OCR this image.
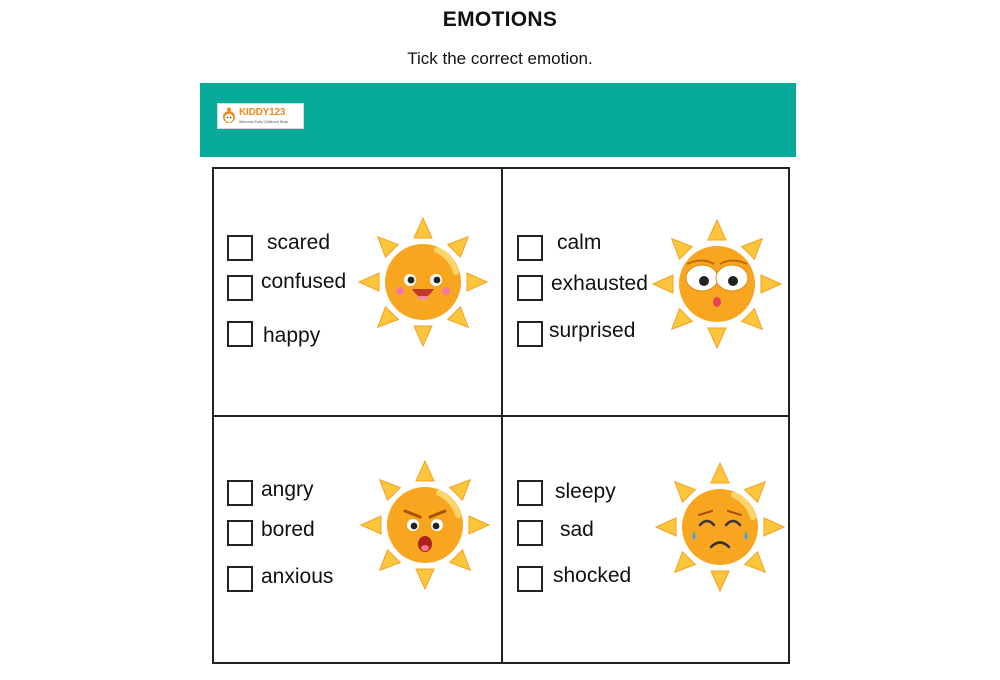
EMOTIONS
Tick the correct emotion.
KIDDY123
Welcome Early Childhood Brain
scared
confused
happy
calm
exhausted
surprised
angry
bored
anxious
sleepy
sad
shocked
